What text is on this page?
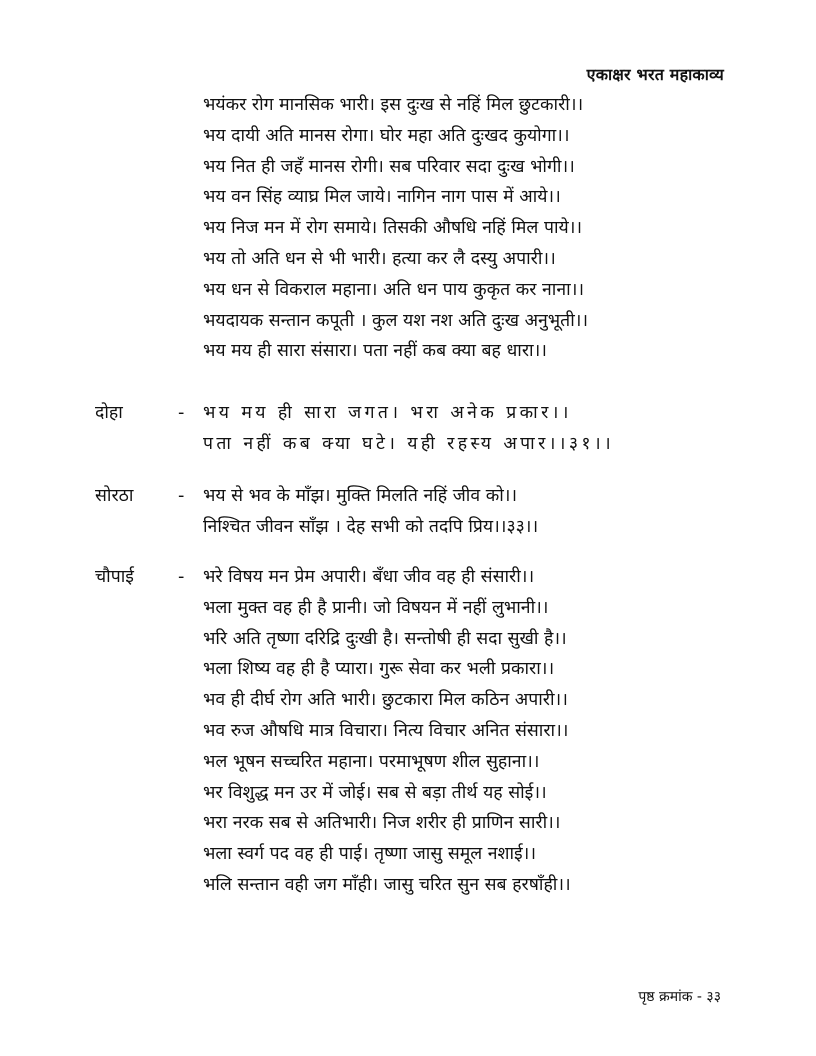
एकाक्षर भरत महाकाव्य
भयंकर रोग मानसिक भारी। इस दुःख से नहिं मिल छुटकारी।।
भय दायी अति मानस रोगा। घोर महा अति दुःखद कुयोगा।।
भय नित ही जहँ मानस रोगी। सब परिवार सदा दुःख भोगी।।
भय वन सिंह व्याघ्र मिल जाये। नागिन नाग पास में आये।।
भय निज मन में रोग समाये। तिसकी औषधि नहिं मिल पाये।।
भय तो अति धन से भी भारी। हत्या कर लै दस्यु अपारी।।
भय धन से विकराल महाना। अति धन पाय कुकृत कर नाना।।
भयदायक सन्तान कपूती । कुल यश नश अति दुःख अनुभूती।।
भय मय ही सारा संसारा। पता नहीं कब क्या बह धारा।।
दोहा	- भय मय ही सारा जगत। भरा अनेक प्रकार।।
पता नहीं कब क्या घटे। यही रहस्य अपार।।३१।।
सोरठा	- भय से भव के माँझ। मुक्ति मिलति नहिं जीव को।।
निश्चित जीवन साँझ । देह सभी को तदपि प्रिय।।३३।।
चौपाई	- भरे विषय मन प्रेम अपारी। बँधा जीव वह ही संसारी।।
भला मुक्त वह ही है प्रानी। जो विषयन में नहीं लुभानी।।
भरि अति तृष्णा दरिद्रि दुःखी है। सन्तोषी ही सदा सुखी है।।
भला शिष्य वह ही है प्यारा। गुरू सेवा कर भली प्रकारा।।
भव ही दीर्घ रोग अति भारी। छुटकारा मिल कठिन अपारी।।
भव रुज औषधि मात्र विचारा। नित्य विचार अनित संसारा।।
भल भूषन सच्चरित महाना। परमाभूषण शील सुहाना।।
भर विशुद्ध मन उर में जोई। सब से बड़ा तीर्थ यह सोई।।
भरा नरक सब से अतिभारी। निज शरीर ही प्राणिन सारी।।
भला स्वर्ग पद वह ही पाई। तृष्णा जासु समूल नशाई।।
भलि सन्तान वही जग माँही। जासु चरित सुन सब हरषाँही।।
पृष्ठ क्रमांक - ३३
